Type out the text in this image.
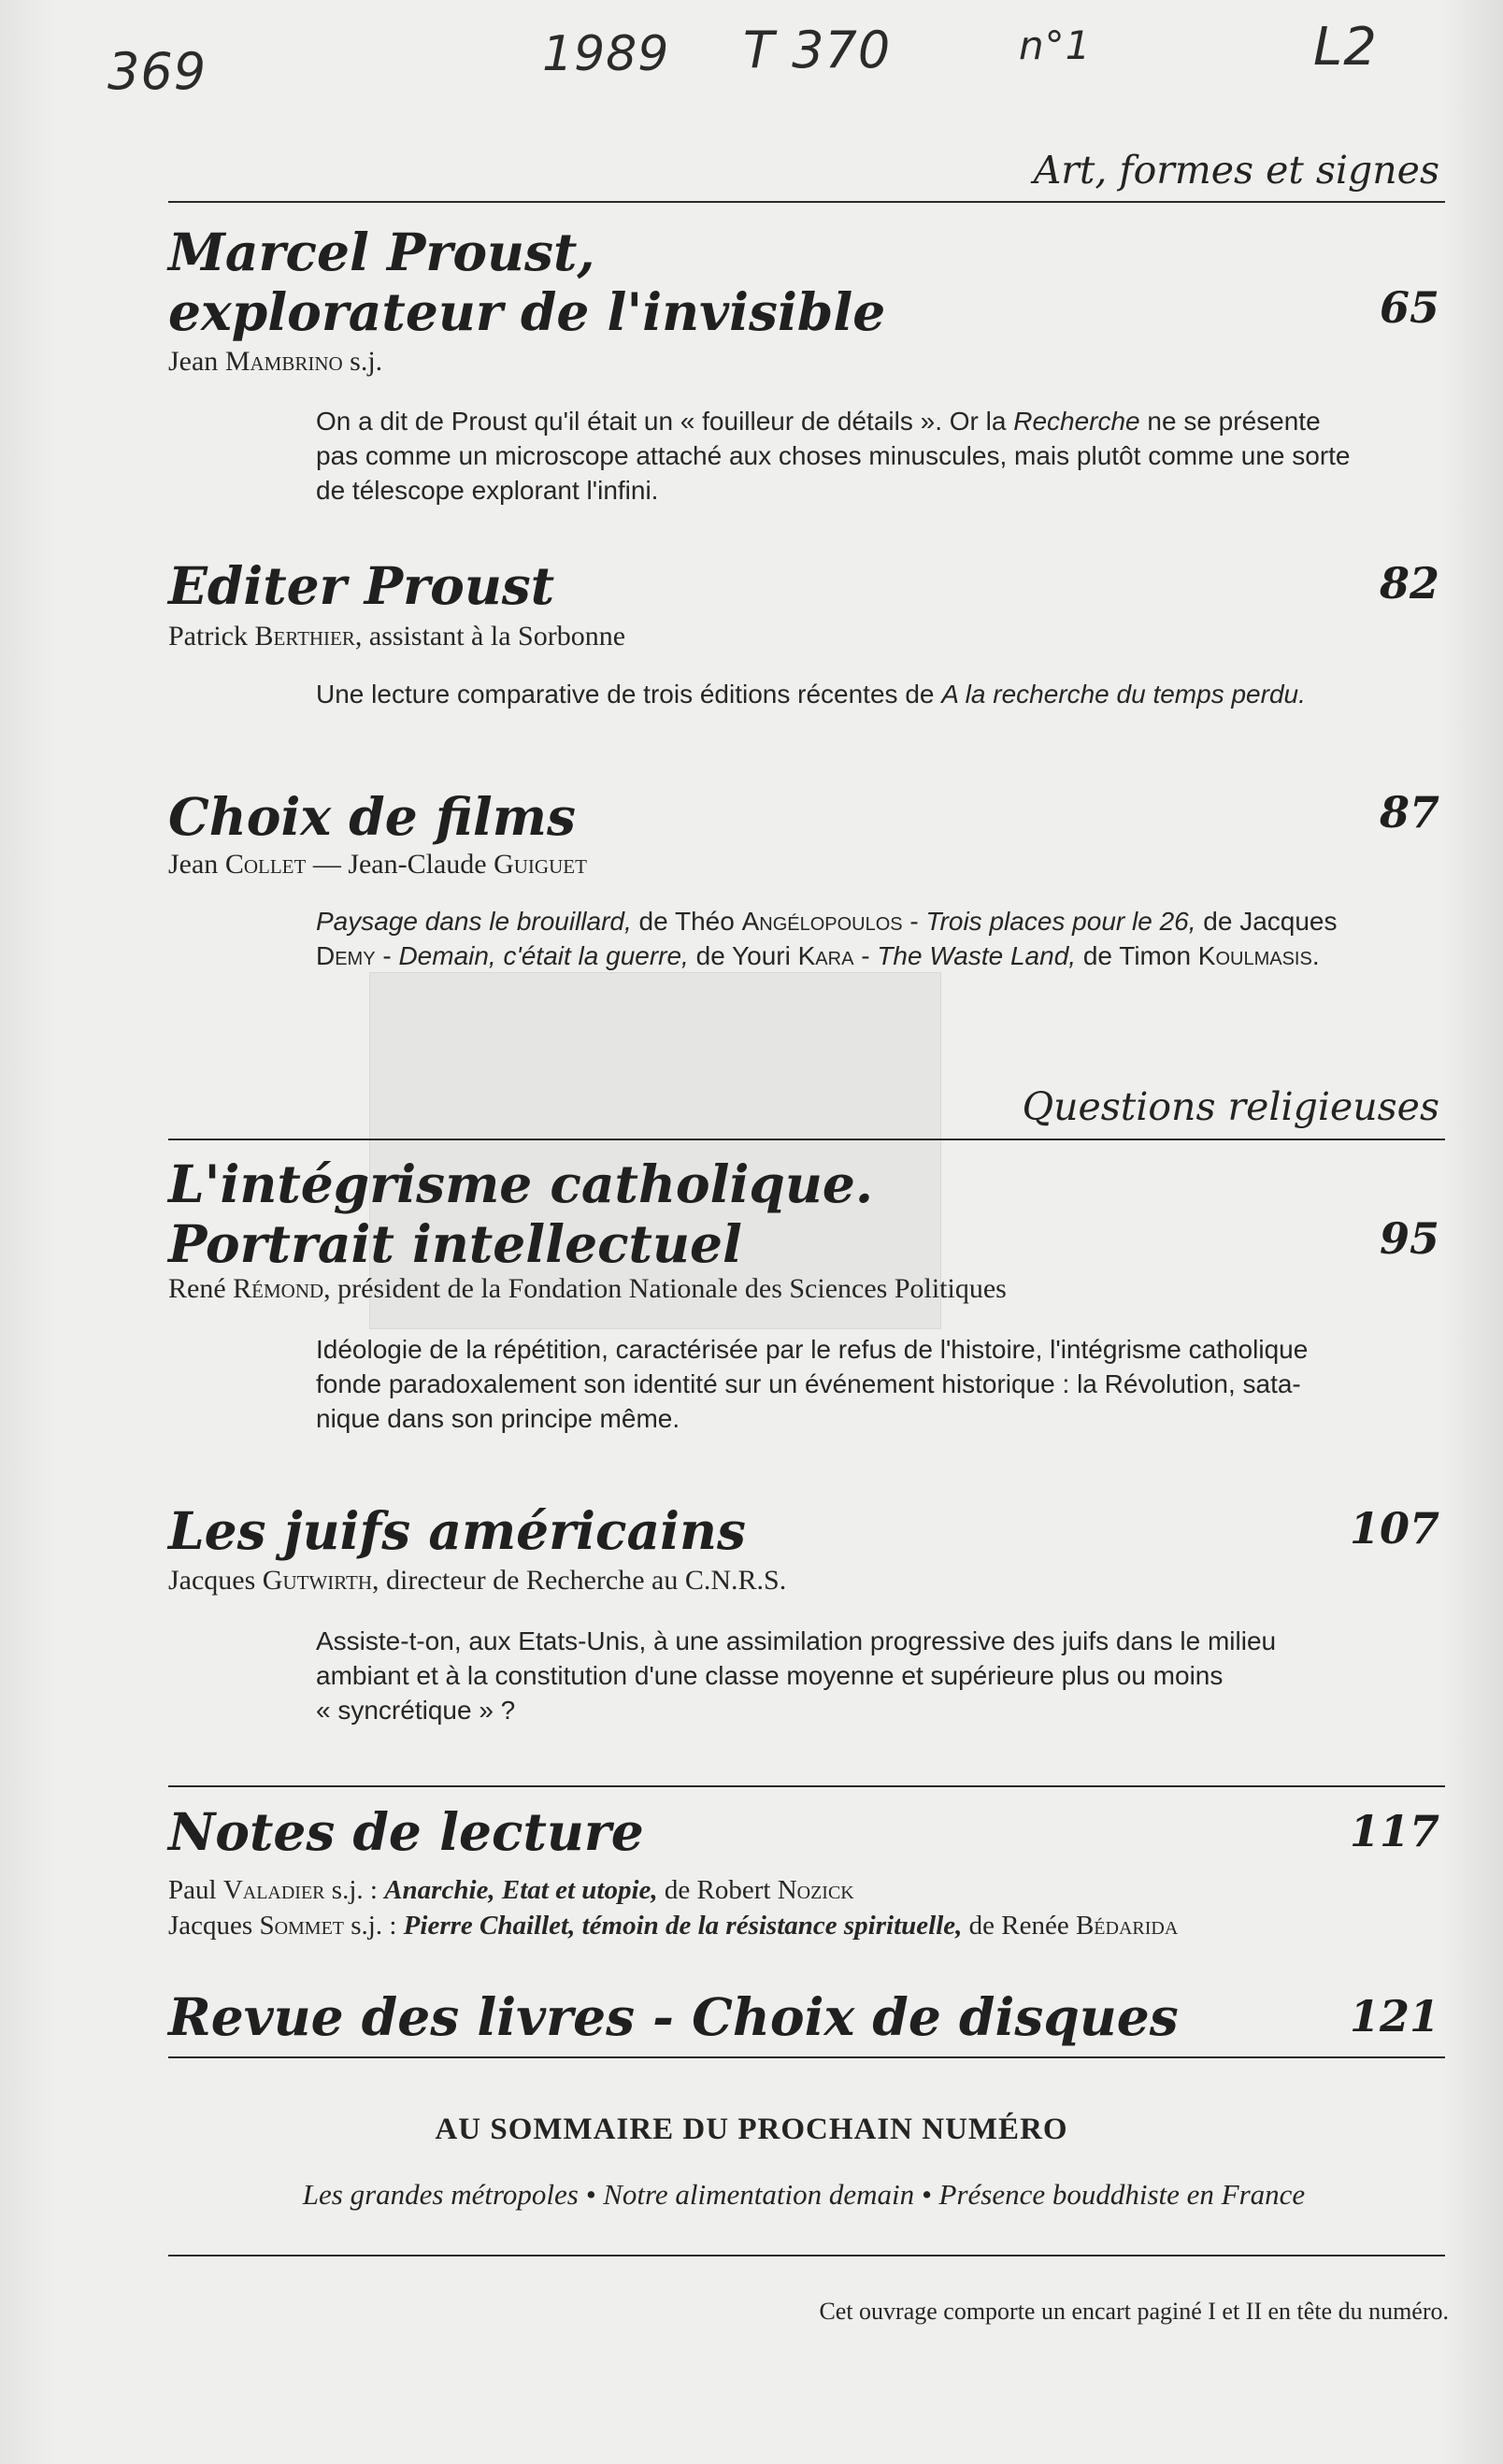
369	1989 T 370	n°1	L2
Art, formes et signes
Marcel Proust,
explorateur de l'invisible	65
Jean Mambrino s.j.
On a dit de Proust qu'il était un « fouilleur de détails ». Or la Recherche ne se présente
pas comme un microscope attaché aux choses minuscules, mais plutôt comme une sorte
de télescope explorant l'infini.
Editer Proust	82
Patrick Berthier, assistant à la Sorbonne
Une lecture comparative de trois éditions récentes de A la recherche du temps perdu.
Choix de films	87
Jean Collet — Jean-Claude Guiguet
Paysage dans le brouillard, de Théo Angélopoulos - Trois places pour le 26, de Jacques
Demy - Demain, c'était la guerre, de Youri Kara - The Waste Land, de Timon Koulmasis.
Questions religieuses
L'intégrisme catholique.
Portrait intellectuel	95
René Rémond, président de la Fondation Nationale des Sciences Politiques
Idéologie de la répétition, caractérisée par le refus de l'histoire, l'intégrisme catholique
fonde paradoxalement son identité sur un événement historique : la Révolution, sata-
nique dans son principe même.
Les juifs américains	107
Jacques Gutwirth, directeur de Recherche au C.N.R.S.
Assiste-t-on, aux Etats-Unis, à une assimilation progressive des juifs dans le milieu
ambiant et à la constitution d'une classe moyenne et supérieure plus ou moins
« syncrétique » ?
Notes de lecture	117
Paul Valadier s.j. : Anarchie, Etat et utopie, de Robert Nozick
Jacques Sommet s.j. : Pierre Chaillet, témoin de la résistance spirituelle, de Renée Bédarida
Revue des livres - Choix de disques	121
AU SOMMAIRE DU PROCHAIN NUMÉRO
Les grandes métropoles • Notre alimentation demain • Présence bouddhiste en France
Cet ouvrage comporte un encart paginé I et II en tête du numéro.
